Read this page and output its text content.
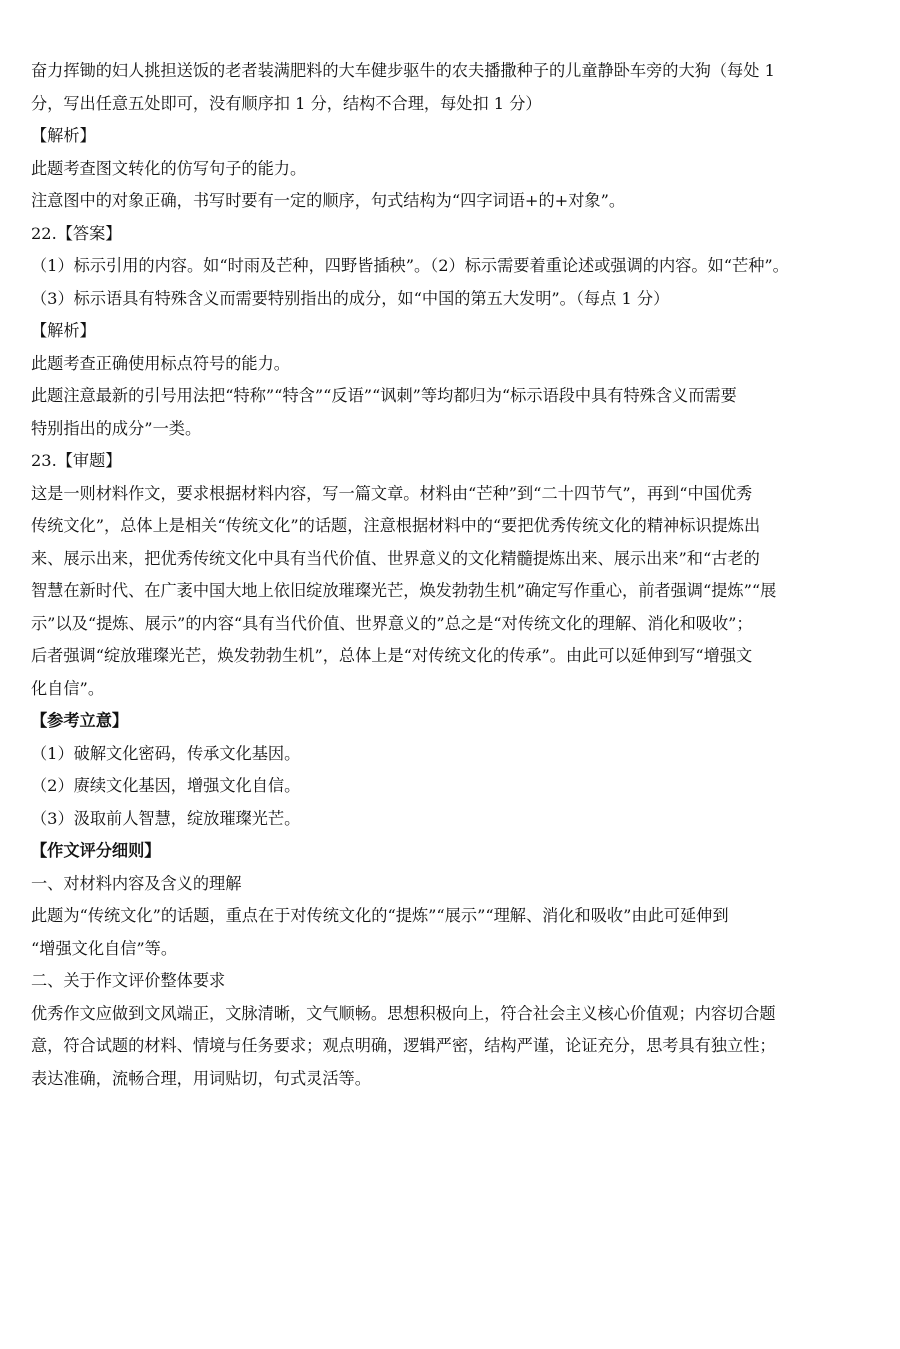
奋力挥锄的妇人挑担送饭的老者装满肥料的大车健步驱牛的农夫播撒种子的儿童静卧车旁的大狗（每处 1
分，写出任意五处即可，没有顺序扣 1 分，结构不合理，每处扣 1 分）
【解析】
此题考查图文转化的仿写句子的能力。
注意图中的对象正确，书写时要有一定的顺序，句式结构为“四字词语+的+对象”。
22.【答案】
（1）标示引用的内容。如“时雨及芒种，四野皆插秧”。（2）标示需要着重论述或强调的内容。如“芒种”。
（3）标示语具有特殊含义而需要特别指出的成分，如“中国的第五大发明”。（每点 1 分）
【解析】
此题考查正确使用标点符号的能力。
此题注意最新的引号用法把“特称”“特含”“反语”“讽刺”等均都归为“标示语段中具有特殊含义而需要
特别指出的成分”一类。
23.【审题】
这是一则材料作文，要求根据材料内容，写一篇文章。材料由“芒种”到“二十四节气”，再到“中国优秀
传统文化”，总体上是相关“传统文化”的话题，注意根据材料中的“要把优秀传统文化的精神标识提炼出
来、展示出来，把优秀传统文化中具有当代价值、世界意义的文化精髓提炼出来、展示出来”和“古老的
智慧在新时代、在广袤中国大地上依旧绽放璀璨光芒，焕发勃勃生机”确定写作重心，前者强调“提炼”“展
示”以及“提炼、展示”的内容“具有当代价值、世界意义的”总之是“对传统文化的理解、消化和吸收”；
后者强调“绽放璀璨光芒，焕发勃勃生机”，总体上是“对传统文化的传承”。由此可以延伸到写“增强文
化自信”。
【参考立意】
（1）破解文化密码，传承文化基因。
（2）赓续文化基因，增强文化自信。
（3）汲取前人智慧，绽放璀璨光芒。
【作文评分细则】
一、对材料内容及含义的理解
此题为“传统文化”的话题，重点在于对传统文化的“提炼”“展示”“理解、消化和吸收”由此可延伸到
“增强文化自信”等。
二、关于作文评价整体要求
优秀作文应做到文风端正，文脉清晰，文气顺畅。思想积极向上，符合社会主义核心价值观；内容切合题
意，符合试题的材料、情境与任务要求；观点明确，逻辑严密，结构严谨，论证充分，思考具有独立性；
表达准确，流畅合理，用词贴切，句式灵活等。
